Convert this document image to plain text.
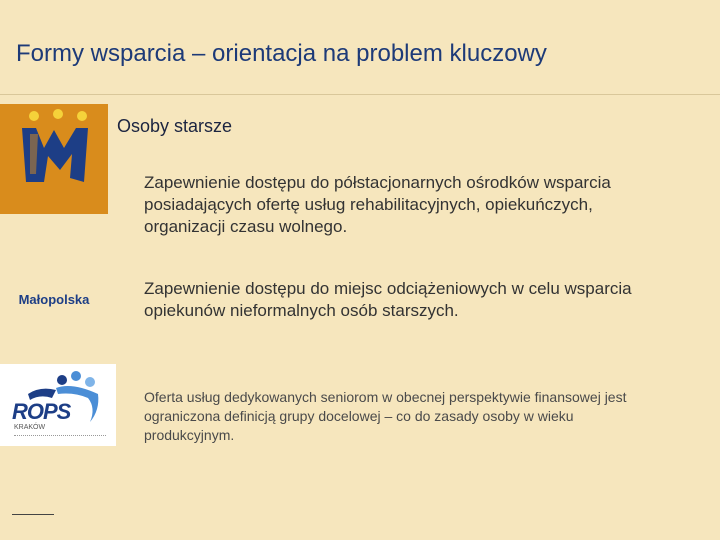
Formy wsparcia – orientacja na problem kluczowy
Małopolska
Osoby starsze
Zapewnienie dostępu do półstacjonarnych ośrodków wsparcia posiadających ofertę usług rehabilitacyjnych, opiekuńczych, organizacji czasu wolnego.
Zapewnienie dostępu do miejsc odciążeniowych w celu wsparcia opiekunów nieformalnych osób starszych.
Oferta usług dedykowanych seniorom w obecnej perspektywie finansowej jest ograniczona definicją grupy docelowej – co do zasady osoby w wieku produkcyjnym.
ROPS
KRAKÓW
